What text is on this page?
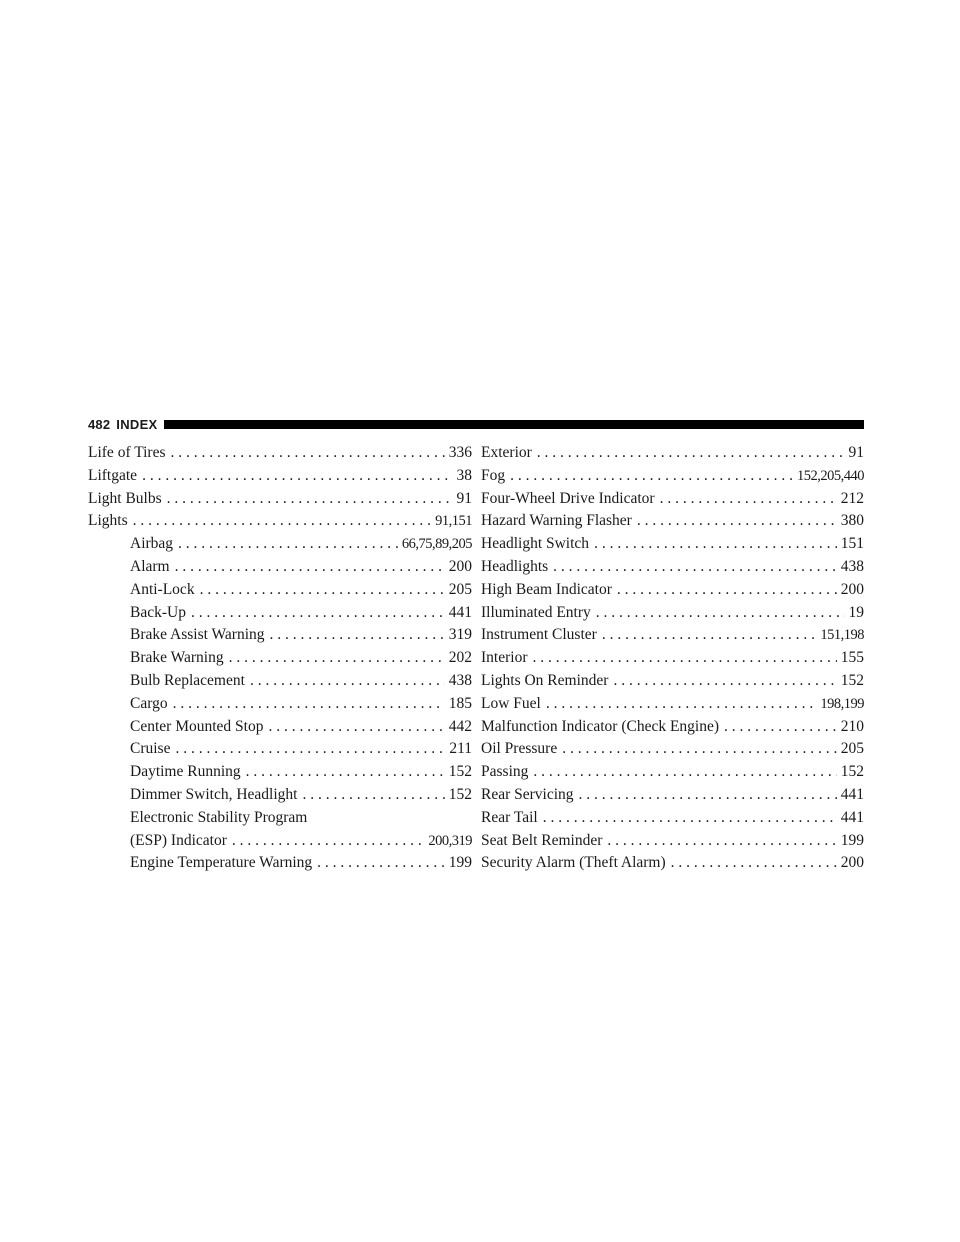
482 INDEX
Life of Tires . . .	336
Liftgate . . .	38
Light Bulbs . . .	91
Lights . . .	91,151
Airbag . . .	66,75,89,205
Alarm . . .	200
Anti-Lock . . .	205
Back-Up . . .	441
Brake Assist Warning . . .	319
Brake Warning . . .	202
Bulb Replacement . . .	438
Cargo . . .	185
Center Mounted Stop . . .	442
Cruise . . .	211
Daytime Running . . .	152
Dimmer Switch, Headlight . . .	152
Electronic Stability Program
(ESP) Indicator . . .	200,319
Engine Temperature Warning . . .	199
Exterior . . .	91
Fog . . .	152,205,440
Four-Wheel Drive Indicator . . .	212
Hazard Warning Flasher . . .	380
Headlight Switch . . .	151
Headlights . . .	438
High Beam Indicator . . .	200
Illuminated Entry . . .	19
Instrument Cluster . . .	151,198
Interior . . .	155
Lights On Reminder . . .	152
Low Fuel . . .	198,199
Malfunction Indicator (Check Engine) . . .	210
Oil Pressure . . .	205
Passing . . .	152
Rear Servicing . . .	441
Rear Tail . . .	441
Seat Belt Reminder . . .	199
Security Alarm (Theft Alarm) . . .	200
